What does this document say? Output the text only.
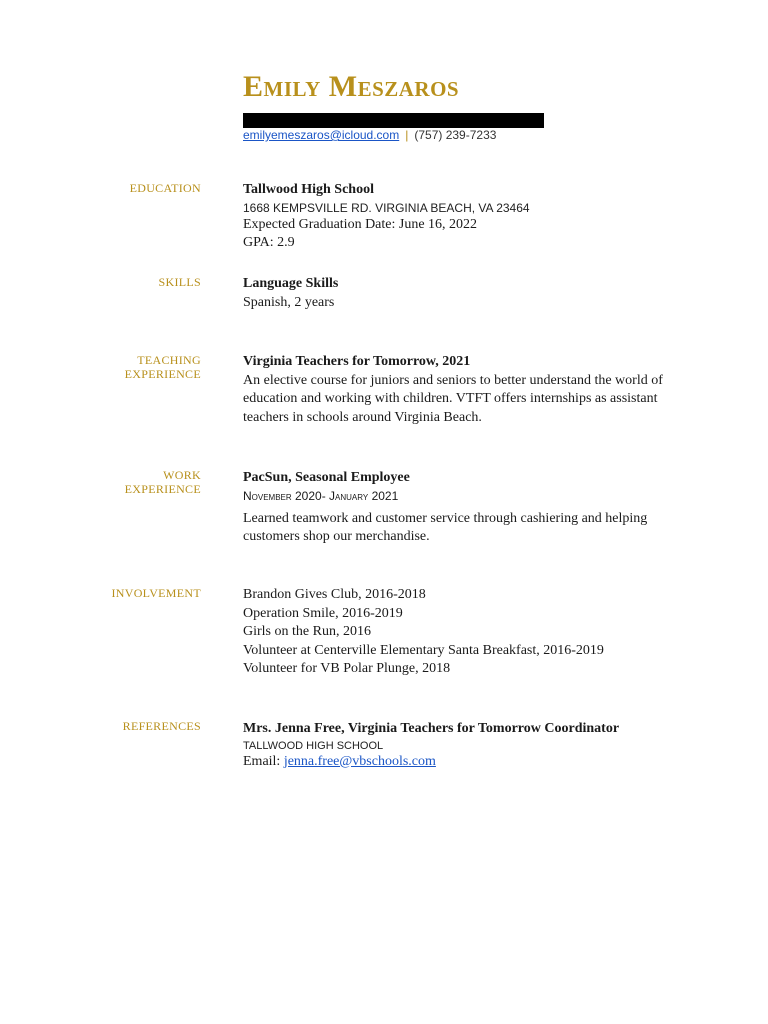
Emily Meszaros
emilyemeszaros@icloud.com | (757) 239-7233
EDUCATION	Tallwood High School
1668 KEMPSVILLE RD. VIRGINIA BEACH, VA 23464
Expected Graduation Date: June 16, 2022
GPA: 2.9
SKILLS	Language Skills
Spanish, 2 years
TEACHING
EXPERIENCE
Virginia Teachers for Tomorrow, 2021
An elective course for juniors and seniors to better understand the world of education and working with children. VTFT offers internships as assistant teachers in schools around Virginia Beach.
WORK
EXPERIENCE
PacSun, Seasonal Employee
November 2020- January 2021
Learned teamwork and customer service through cashiering and helping customers shop our merchandise.
INVOLVEMENT	Brandon Gives Club, 2016-2018
Operation Smile, 2016-2019
Girls on the Run, 2016
Volunteer at Centerville Elementary Santa Breakfast, 2016-2019
Volunteer for VB Polar Plunge, 2018
REFERENCES	Mrs. Jenna Free, Virginia Teachers for Tomorrow Coordinator
TALLWOOD HIGH SCHOOL
Email: jenna.free@vbschools.com
